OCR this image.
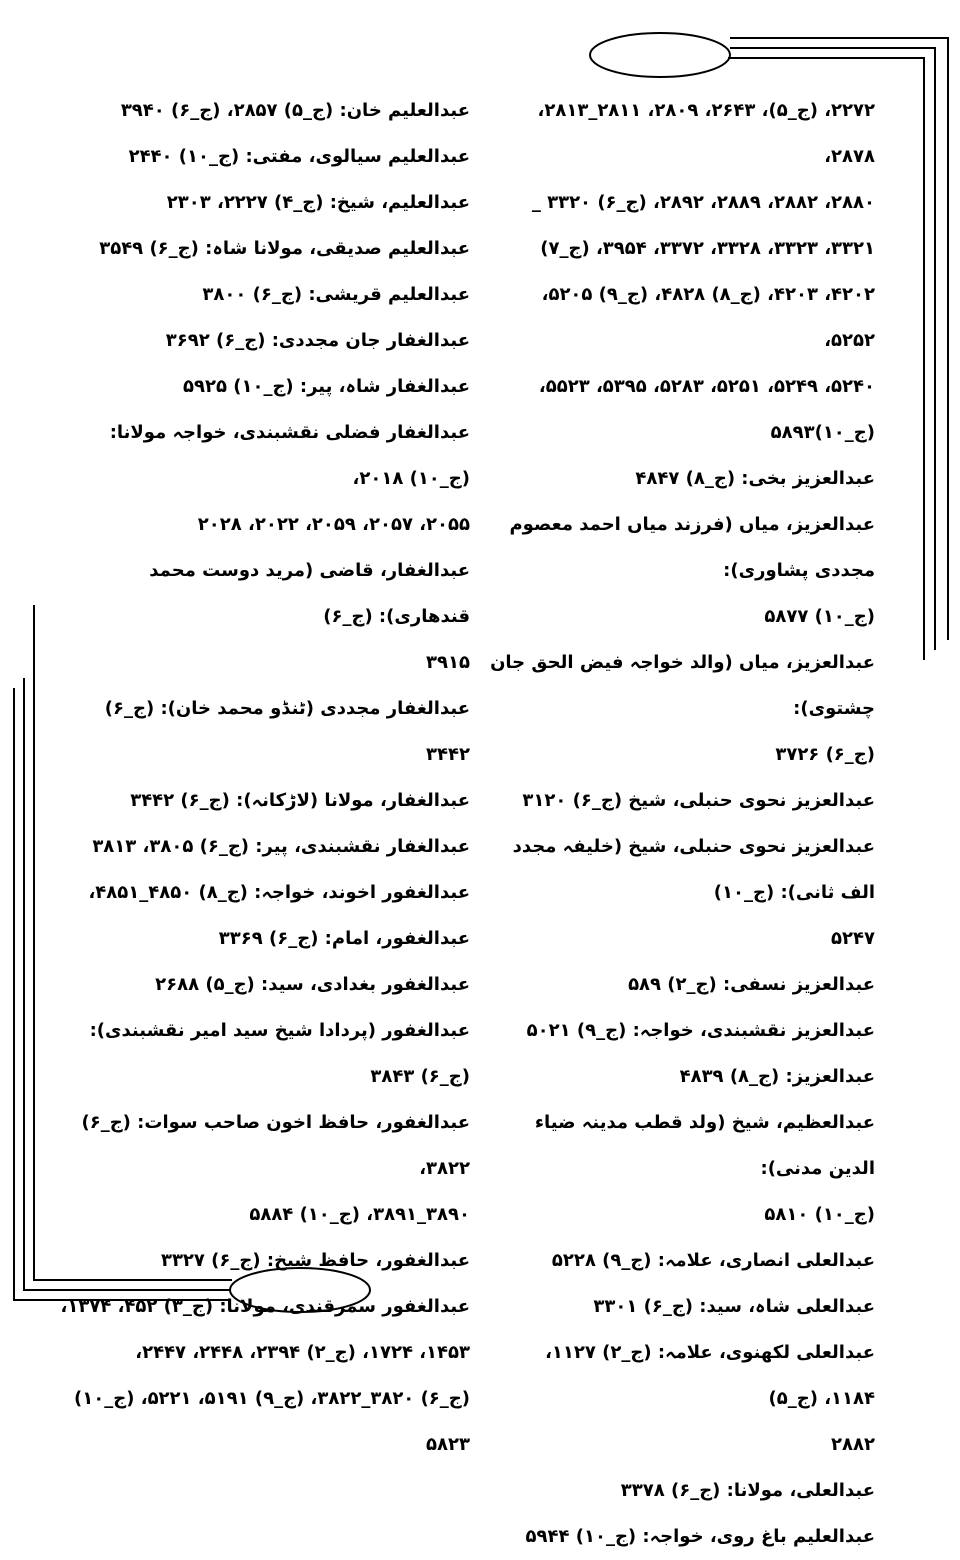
۲۲۷۲، (ج_۵)، ۲۶۴۳، ۲۸۰۹، ۲۸۱۱_۲۸۱۳، ۲۸۷۸،

۲۸۸۰، ۲۸۸۲، ۲۸۸۹، ۲۸۹۲، (ج_۶) ۳۳۲۰ _

۳۳۲۱، ۳۳۲۳، ۳۳۲۸، ۳۳۷۲، ۳۹۵۴، (ج_۷)

۴۲۰۲، ۴۲۰۳، (ج_۸) ۴۸۲۸، (ج_۹) ۵۲۰۵، ۵۲۵۲،

۵۲۴۰، ۵۲۴۹، ۵۲۵۱، ۵۲۸۳، ۵۳۹۵، ۵۵۲۳،

(ج_۱۰)۵۸۹۳

عبدالعزیز بخی: (ج_۸) ۴۸۴۷

عبدالعزیز، میاں (فرزند میاں احمد معصوم مجددی پشاوری):

(ج_۱۰) ۵۸۷۷

عبدالعزیز، میاں (والد خواجہ فیض الحق جان چشتوی):

(ج_۶) ۳۷۲۶

عبدالعزیز نحوی حنبلی، شیخ (ج_۶) ۳۱۲۰

عبدالعزیز نحوی حنبلی، شیخ (خلیفہ مجدد الف ثانی): (ج_۱۰)

۵۲۴۷

عبدالعزیز نسفی: (ج_۲) ۵۸۹

عبدالعزیز نقشبندی، خواجہ: (ج_۹) ۵۰۲۱

عبدالعزیز: (ج_۸) ۴۸۳۹

عبدالعظیم، شیخ (ولد قطب مدینہ ضیاء الدین مدنی):

(ج_۱۰) ۵۸۱۰

عبدالعلی انصاری، علامہ: (ج_۹) ۵۲۲۸

عبدالعلی شاہ، سید: (ج_۶) ۳۳۰۱

عبدالعلی لکھنوی، علامہ: (ج_۲) ۱۱۲۷، ۱۱۸۴، (ج_۵)

۲۸۸۲

عبدالعلی، مولانا: (ج_۶) ۳۳۷۸

عبدالعلیم باغ روی، خواجہ: (ج_۱۰) ۵۹۴۴

عبدالعلیم خان: (ج_۵) ۲۸۵۷، (ج_۶) ۳۹۴۰

عبدالعلیم سیالوی، مفتی: (ج_۱۰) ۲۴۴۰

عبدالعلیم، شیخ: (ج_۴) ۲۲۲۷، ۲۳۰۳

عبدالعلیم صدیقی، مولانا شاہ: (ج_۶) ۳۵۴۹

عبدالعلیم قریشی: (ج_۶) ۳۸۰۰

عبدالغفار جان مجددی: (ج_۶) ۳۶۹۲

عبدالغفار شاہ، پیر: (ج_۱۰) ۵۹۲۵

عبدالغفار فضلی نقشبندی، خواجہ مولانا: (ج_۱۰) ۲۰۱۸،

۲۰۵۵، ۲۰۵۷، ۲۰۵۹، ۲۰۲۲، ۲۰۲۸

عبدالغفار، قاضی (مرید دوست محمد قندھاری): (ج_۶)

۳۹۱۵

عبدالغفار مجددی (ٹنڈو محمد خان): (ج_۶) ۳۴۴۲

عبدالغفار، مولانا (لاڑکانہ): (ج_۶) ۳۴۴۲

عبدالغفار نقشبندی، پیر: (ج_۶) ۳۸۰۵، ۳۸۱۳

عبدالغفور اخوند، خواجہ: (ج_۸) ۴۸۵۰_۴۸۵۱،

عبدالغفور، امام: (ج_۶) ۳۳۶۹

عبدالغفور بغدادی، سید: (ج_۵) ۲۶۸۸

عبدالغفور (پردادا شیخ سید امیر نقشبندی): (ج_۶) ۳۸۴۳

عبدالغفور، حافظ اخون صاحب سوات: (ج_۶) ۳۸۲۲،

۳۸۹۰_۳۸۹۱، (ج_۱۰) ۵۸۸۴

عبدالغفور، حافظ شیخ: (ج_۶) ۳۳۲۷

عبدالغفور سمرقندی، مولانا: (ج_۳) ۴۵۲، ۱۳۷۴،

۱۴۵۳، ۱۷۲۴، (ج_۲) ۲۳۹۴، ۲۴۴۸، ۲۴۴۷،

(ج_۶) ۳۸۲۰_۳۸۲۲، (ج_۹) ۵۱۹۱، ۵۲۲۱، (ج_۱۰)

۵۸۲۳
